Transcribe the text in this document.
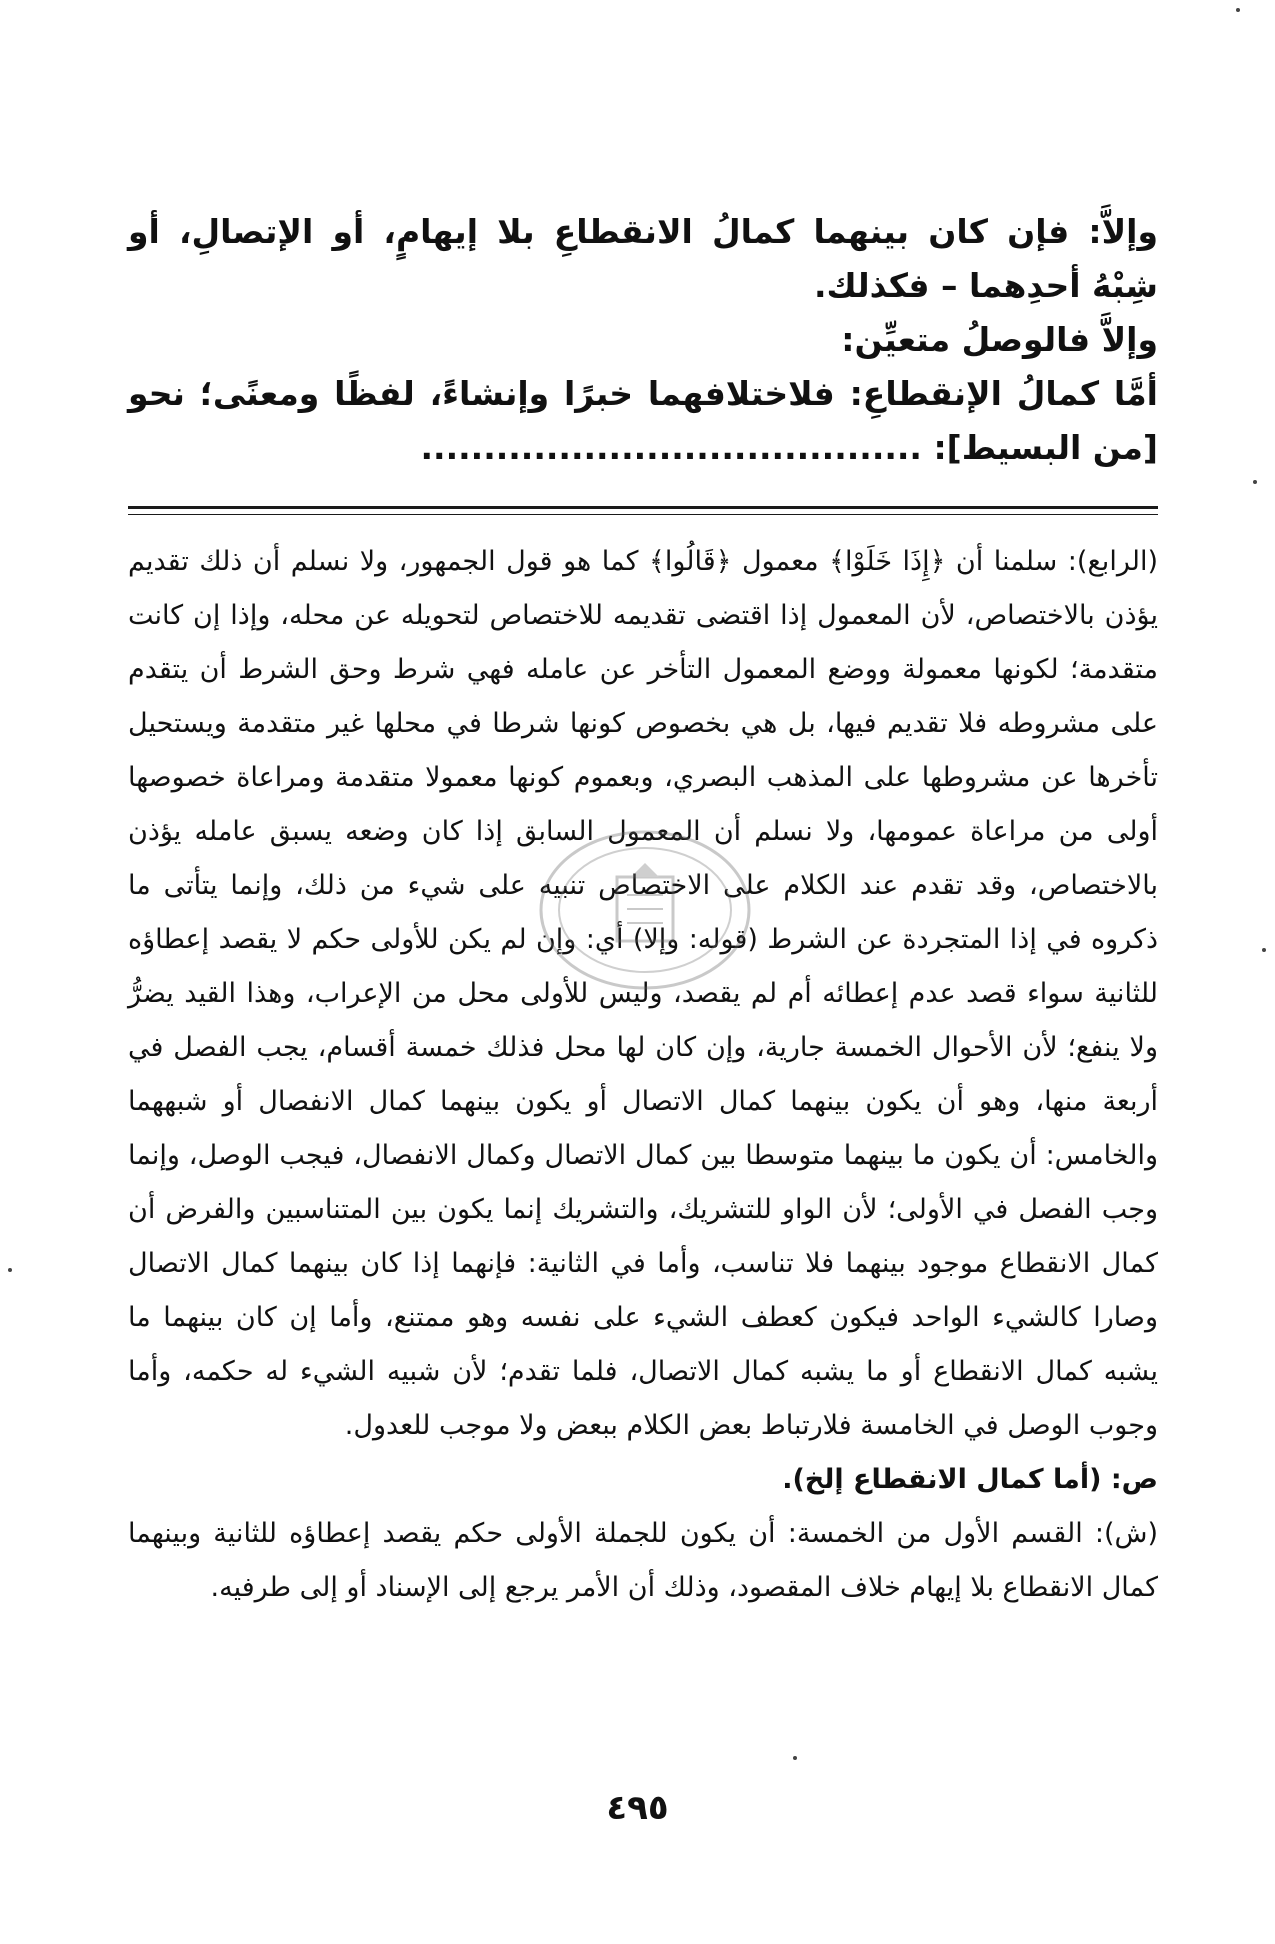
وإلاَّ: فإن كان بينهما كمالُ الانقطاعِ بلا إيهامٍ، أو الإتصالِ، أو شِبْهُ أحدِهما – فكذلك.

وإلاَّ فالوصلُ متعيِّن:

أمَّا كمالُ الإنقطاعِ: فلاختلافهما خبرًا وإنشاءً، لفظًا ومعنًى؛ نحو [من البسيط]: ........................................

(الرابع): سلمنا أن ﴿إِذَا خَلَوْا﴾ معمول ﴿قَالُوا﴾ كما هو قول الجمهور، ولا نسلم أن ذلك تقديم يؤذن بالاختصاص، لأن المعمول إذا اقتضى تقديمه للاختصاص لتحويله عن محله، وإذا إن كانت متقدمة؛ لكونها معمولة ووضع المعمول التأخر عن عامله فهي شرط وحق الشرط أن يتقدم على مشروطه فلا تقديم فيها، بل هي بخصوص كونها شرطا في محلها غير متقدمة ويستحيل تأخرها عن مشروطها على المذهب البصري، وبعموم كونها معمولا متقدمة ومراعاة خصوصها أولى من مراعاة عمومها، ولا نسلم أن المعمول السابق إذا كان وضعه يسبق عامله يؤذن بالاختصاص، وقد تقدم عند الكلام على الاختصاص تنبيه على شيء من ذلك، وإنما يتأتى ما ذكروه في إذا المتجردة عن الشرط (قوله: وإلا) أي: وإن لم يكن للأولى حكم لا يقصد إعطاؤه للثانية سواء قصد عدم إعطائه أم لم يقصد، وليس للأولى محل من الإعراب، وهذا القيد يضرُّ ولا ينفع؛ لأن الأحوال الخمسة جارية، وإن كان لها محل فذلك خمسة أقسام، يجب الفصل في أربعة منها، وهو أن يكون بينهما كمال الاتصال أو يكون بينهما كمال الانفصال أو شبههما والخامس: أن يكون ما بينهما متوسطا بين كمال الاتصال وكمال الانفصال، فيجب الوصل، وإنما وجب الفصل في الأولى؛ لأن الواو للتشريك، والتشريك إنما يكون بين المتناسبين والفرض أن كمال الانقطاع موجود بينهما فلا تناسب، وأما في الثانية: فإنهما إذا كان بينهما كمال الاتصال وصارا كالشيء الواحد فيكون كعطف الشيء على نفسه وهو ممتنع، وأما إن كان بينهما ما يشبه كمال الانقطاع أو ما يشبه كمال الاتصال، فلما تقدم؛ لأن شبيه الشيء له حكمه، وأما وجوب الوصل في الخامسة فلارتباط بعض الكلام ببعض ولا موجب للعدول.

ص: (أما كمال الانقطاع إلخ).

(ش): القسم الأول من الخمسة: أن يكون للجملة الأولى حكم يقصد إعطاؤه للثانية وبينهما كمال الانقطاع بلا إيهام خلاف المقصود، وذلك أن الأمر يرجع إلى الإسناد أو إلى طرفيه.

٤٩٥
